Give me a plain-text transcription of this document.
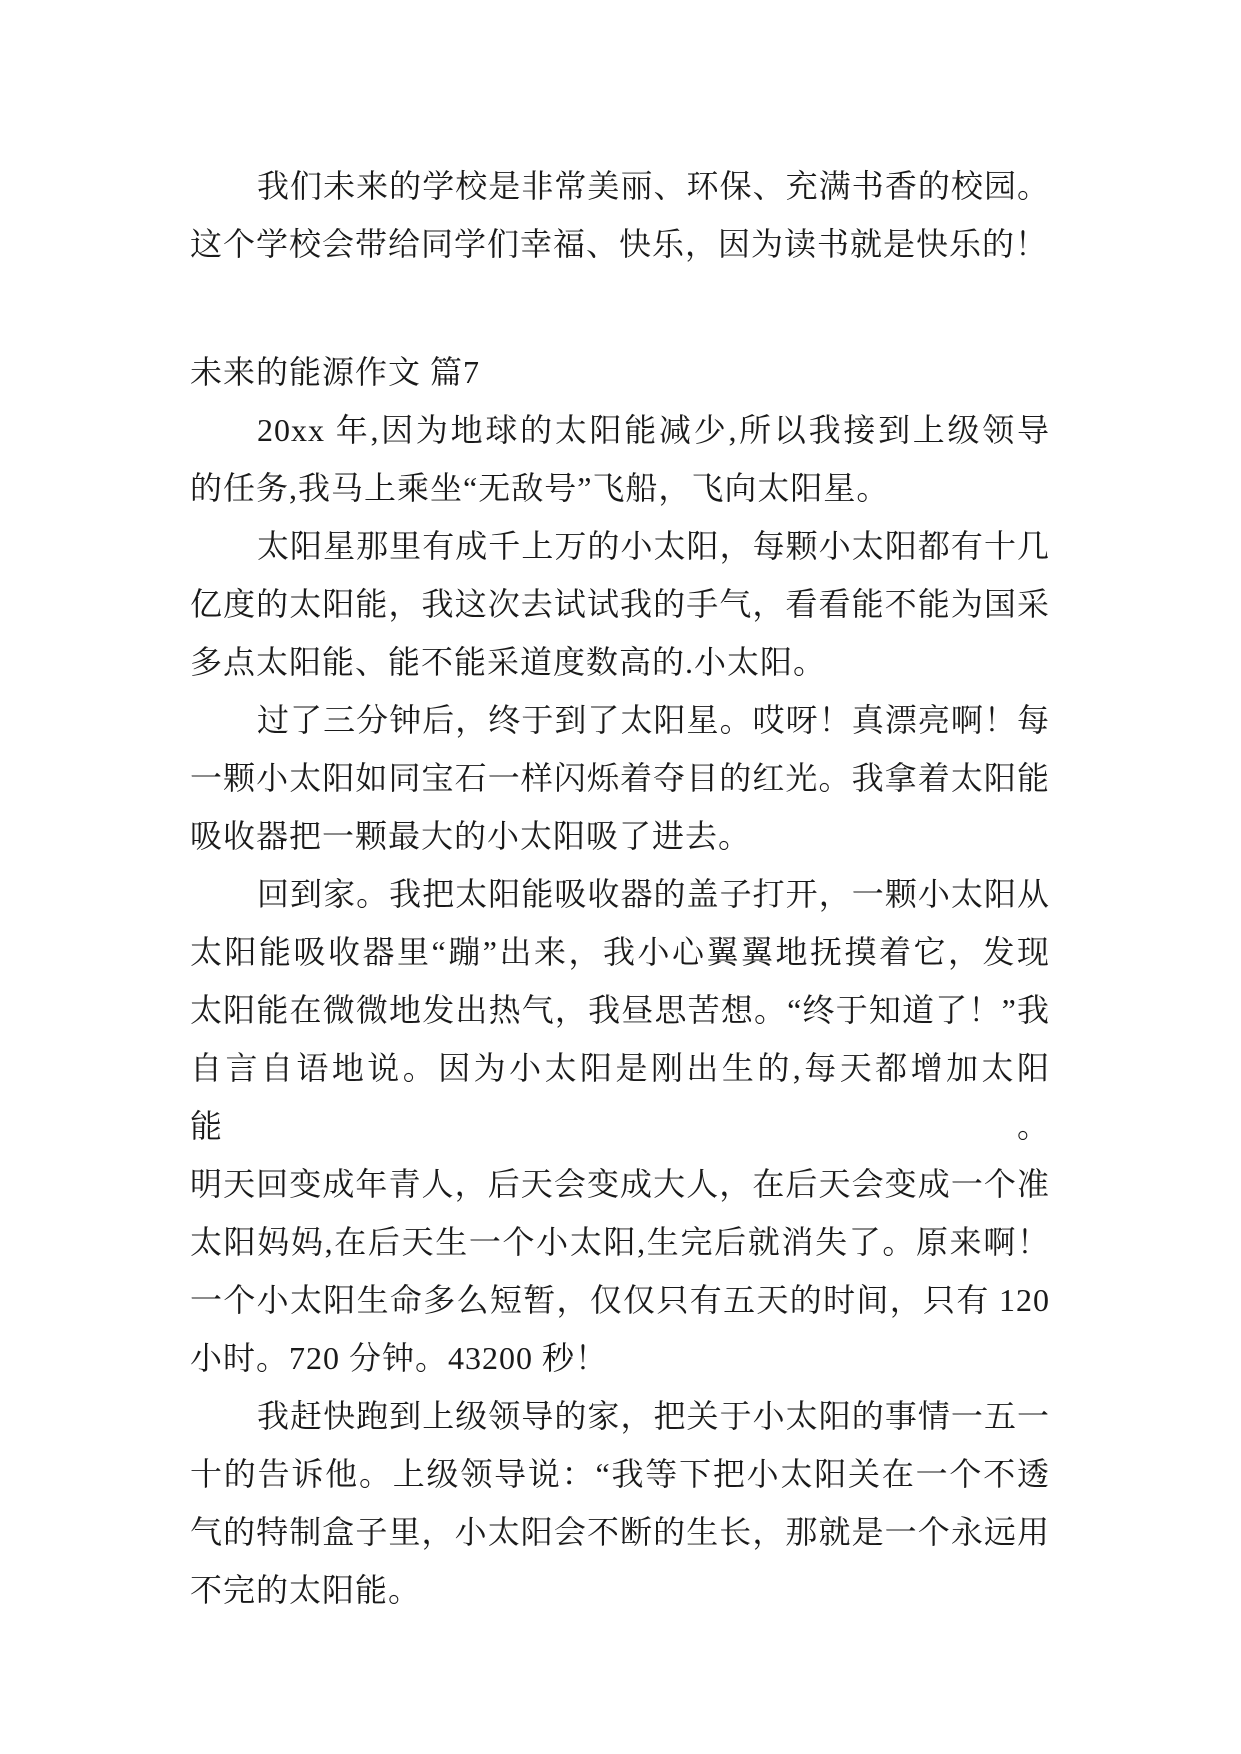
我们未来的学校是非常美丽、环保、充满书香的校园。
这个学校会带给同学们幸福、快乐，因为读书就是快乐的！
未来的能源作文 篇7
20xx 年,因为地球的太阳能减少,所以我接到上级领导
的任务,我马上乘坐“无敌号”飞船，飞向太阳星。
太阳星那里有成千上万的小太阳，每颗小太阳都有十几
亿度的太阳能，我这次去试试我的手气，看看能不能为国采
多点太阳能、能不能采道度数高的.小太阳。
过了三分钟后，终于到了太阳星。哎呀！真漂亮啊！每
一颗小太阳如同宝石一样闪烁着夺目的红光。我拿着太阳能
吸收器把一颗最大的小太阳吸了进去。
回到家。我把太阳能吸收器的盖子打开，一颗小太阳从
太阳能吸收器里“蹦”出来，我小心翼翼地抚摸着它，发现
太阳能在微微地发出热气，我昼思苦想。“终于知道了！”我
自言自语地说。因为小太阳是刚出生的,每天都增加太阳能。
明天回变成年青人，后天会变成大人，在后天会变成一个准
太阳妈妈,在后天生一个小太阳,生完后就消失了。原来啊！
一个小太阳生命多么短暂，仅仅只有五天的时间，只有 120
小时。720 分钟。43200 秒！
我赶快跑到上级领导的家，把关于小太阳的事情一五一
十的告诉他。上级领导说：“我等下把小太阳关在一个不透
气的特制盒子里，小太阳会不断的生长，那就是一个永远用
不完的太阳能。
